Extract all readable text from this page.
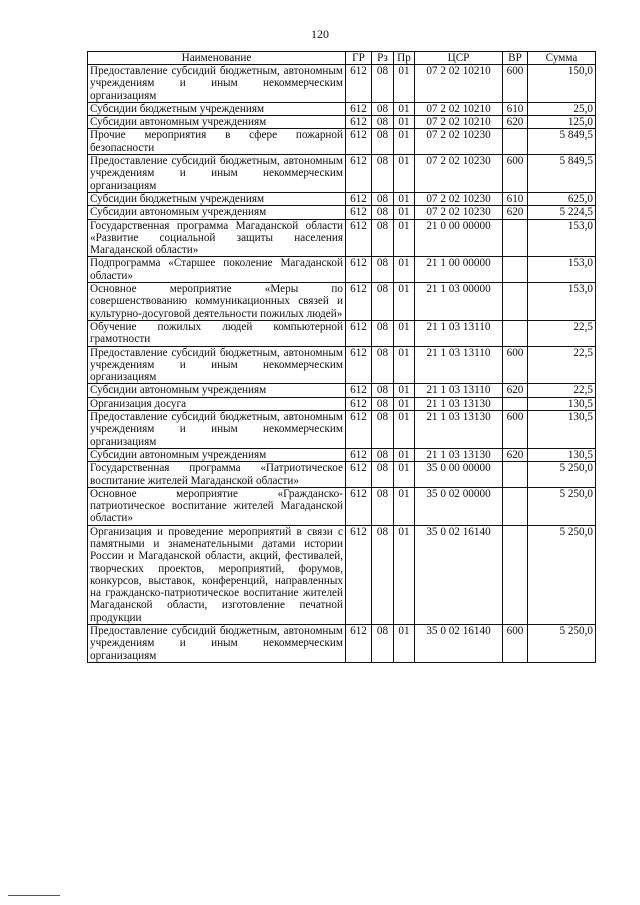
120
Наименование	ГР	Рз	Пр	ЦСР	ВР	Сумма
Предоставление субсидий бюджетным, автономным учреждениям и иным некоммерческим организациям	612	08	01	07 2 02 10210	600	150,0
Субсидии бюджетным учреждениям	612	08	01	07 2 02 10210	610	25,0
Субсидии автономным учреждениям	612	08	01	07 2 02 10210	620	125,0
Прочие мероприятия в сфере пожарной безопасности	612	08	01	07 2 02 10230		5 849,5
Предоставление субсидий бюджетным, автономным учреждениям и иным некоммерческим организациям	612	08	01	07 2 02 10230	600	5 849,5
Субсидии бюджетным учреждениям	612	08	01	07 2 02 10230	610	625,0
Субсидии автономным учреждениям	612	08	01	07 2 02 10230	620	5 224,5
Государственная программа Магаданской области «Развитие социальной защиты населения Магаданской области»	612	08	01	21 0 00 00000		153,0
Подпрограмма «Старшее поколение Магаданской области»	612	08	01	21 1 00 00000		153,0
Основное мероприятие «Меры по совершенствованию коммуникационных связей и культурно-досуговой деятельности пожилых людей»	612	08	01	21 1 03 00000		153,0
Обучение пожилых людей компьютерной грамотности	612	08	01	21 1 03 13110		22,5
Предоставление субсидий бюджетным, автономным учреждениям и иным некоммерческим организациям	612	08	01	21 1 03 13110	600	22,5
Субсидии автономным учреждениям	612	08	01	21 1 03 13110	620	22,5
Организация досуга	612	08	01	21 1 03 13130		130,5
Предоставление субсидий бюджетным, автономным учреждениям и иным некоммерческим организациям	612	08	01	21 1 03 13130	600	130,5
Субсидии автономным учреждениям	612	08	01	21 1 03 13130	620	130,5
Государственная программа «Патриотическое воспитание жителей Магаданской области»	612	08	01	35 0 00 00000		5 250,0
Основное мероприятие «Гражданско-патриотическое воспитание жителей Магаданской области»	612	08	01	35 0 02 00000		5 250,0
Организация и проведение мероприятий в связи с памятными и знаменательными датами истории России и Магаданской области, акций, фестивалей, творческих проектов, мероприятий, форумов, конкурсов, выставок, конференций, направленных на гражданско-патриотическое воспитание жителей Магаданской области, изготовление печатной продукции	612	08	01	35 0 02 16140		5 250,0
Предоставление субсидий бюджетным, автономным учреждениям и иным некоммерческим организациям	612	08	01	35 0 02 16140	600	5 250,0
